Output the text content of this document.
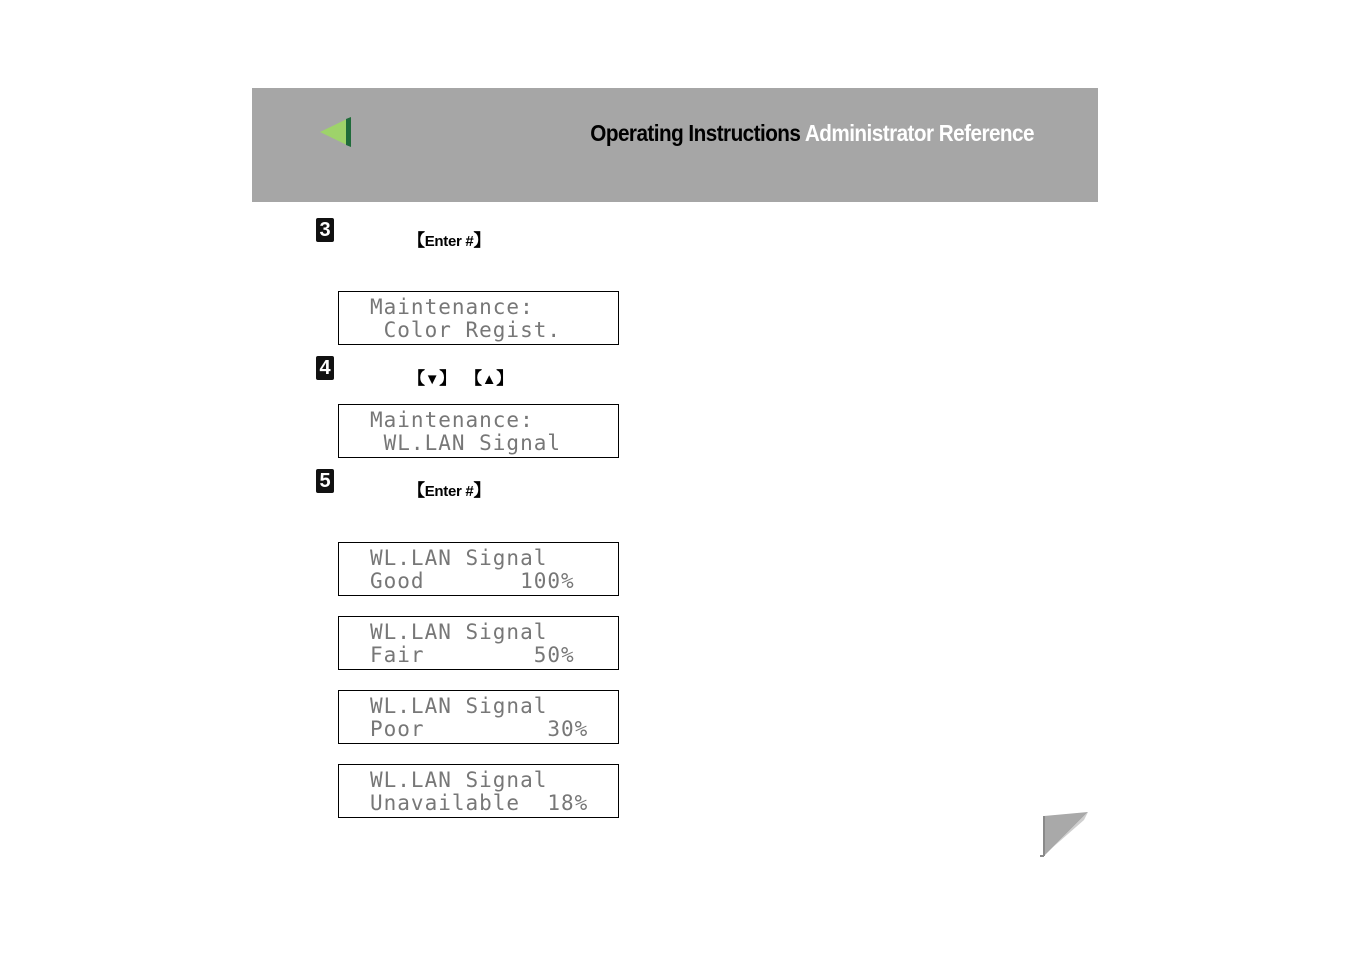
Operating Instructions Administrator Reference
3	【Enter #】
Maintenance:
Color Regist.
4	【▼】 【▲】
Maintenance:
WL.LAN Signal
5	【Enter #】
WL.LAN Signal
Good       100%
WL.LAN Signal
Fair        50%
WL.LAN Signal
Poor         30%
WL.LAN Signal
Unavailable  18%
